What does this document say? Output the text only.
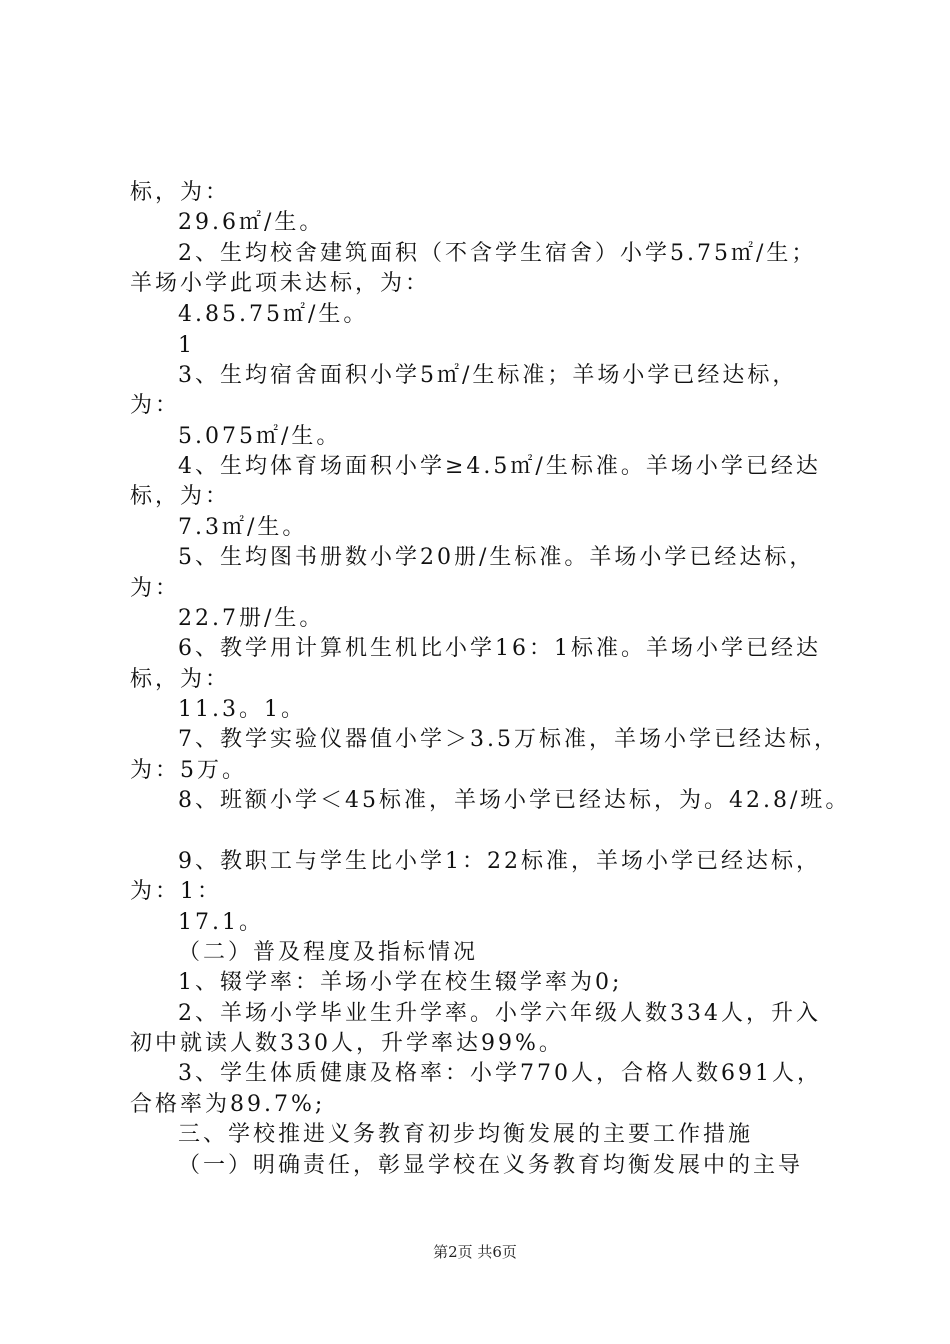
标，为：
29.6㎡/生。
2、生均校舍建筑面积（不含学生宿舍）小学5.75㎡/生；
羊场小学此项未达标，为：
4.85.75㎡/生。
1
3、生均宿舍面积小学5㎡/生标准；羊场小学已经达标，
为：
5.075㎡/生。
4、生均体育场面积小学≥4.5㎡/生标准。羊场小学已经达
标，为：
7.3㎡/生。
5、生均图书册数小学20册/生标准。羊场小学已经达标，
为：
22.7册/生。
6、教学用计算机生机比小学16：1标准。羊场小学已经达
标，为：
11.3。1。
7、教学实验仪器值小学＞3.5万标准，羊场小学已经达标，
为：5万。
8、班额小学＜45标准，羊场小学已经达标，为。42.8/班。
9、教职工与学生比小学1：22标准，羊场小学已经达标，
为：1：
17.1。
（二）普及程度及指标情况
1、辍学率：羊场小学在校生辍学率为0;
2、羊场小学毕业生升学率。小学六年级人数334人，升入
初中就读人数330人，升学率达99%。
3、学生体质健康及格率：小学770人，合格人数691人，
合格率为89.7%;
三、学校推进义务教育初步均衡发展的主要工作措施
（一）明确责任，彰显学校在义务教育均衡发展中的主导
第2页 共6页
